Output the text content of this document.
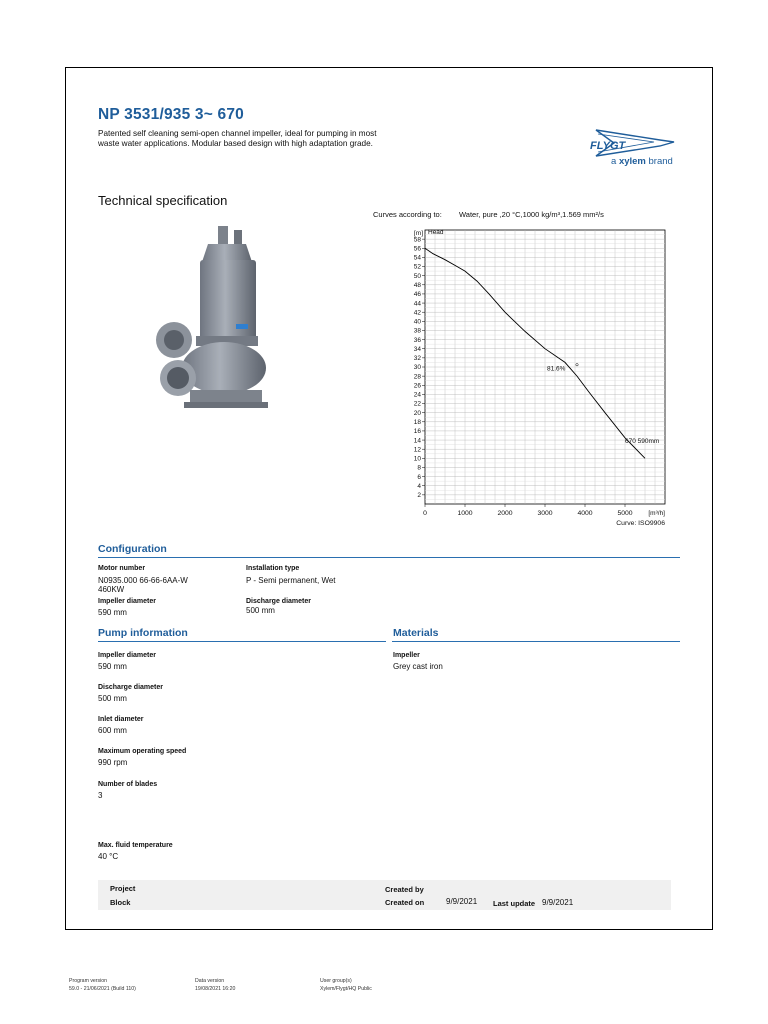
NP 3531/935 3~ 670
Patented self cleaning semi-open channel impeller, ideal for pumping in most waste water applications. Modular based design with high adaptation grade.	FLYGT
a xylem brand
Technical specification
Curves according to: Water, pure ,20 °C,1000 kg/m³,1.569 mm²/s
2
4
6
8
10
12
14
16
18
20
22
24
26
28
30
32
34
36
38
40
42
44
46
48
50
52
54
56
58
0	1000	2000	3000	4000	5000
[m]
[m³/h]
Head
81.6%
670 590mm
Curve: ISO9906
Configuration
Motor number
N0935.000 66-66-6AA-W
460KW
Installation type
P - Semi permanent, Wet
Impeller diameter
590 mm
Discharge diameter
500 mm
Pump information
Impeller diameter
590 mm
Discharge diameter
500 mm
Inlet diameter
600 mm
Maximum operating speed
990 rpm
Number of blades
3
Max. fluid temperature
40 °C
Materials
Impeller
Grey cast iron
Project
Block
Created by
Created on	9/9/2021 Last update 9/9/2021
Program version
59.0 - 21/06/2021 (Build 110)
Data version
19/08/2021 16:20
User group(s)
Xylem/Flygt/HQ Public
